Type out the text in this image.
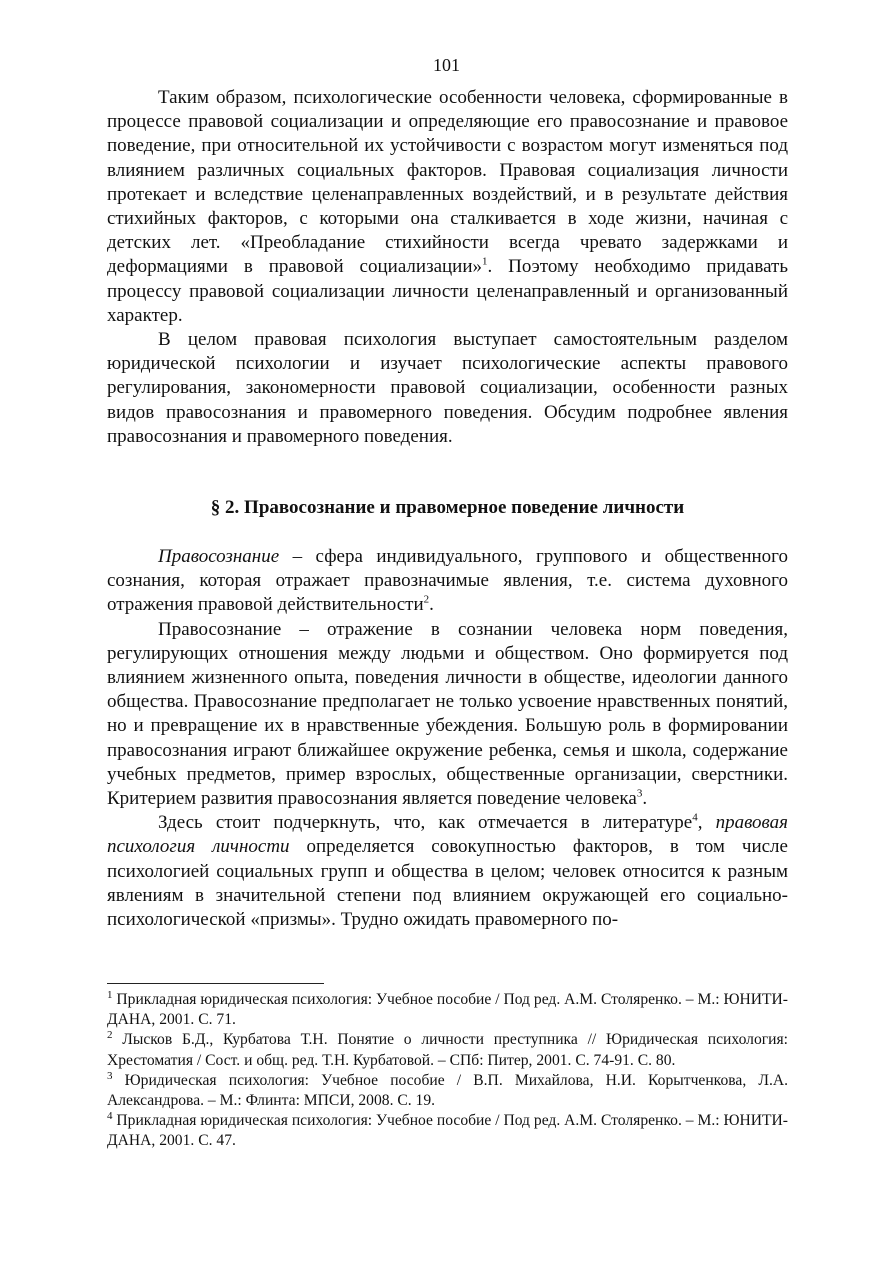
101

Таким образом, психологические особенности человека, сформированные в процессе правовой социализации и определяющие его правосознание и правовое поведение, при относительной их устойчивости с возрастом могут изменяться под влиянием различных социальных факторов. Правовая социализация личности протекает и вследствие целенаправленных воздействий, и в результате действия стихийных факторов, с которыми она сталкивается в ходе жизни, начиная с детских лет. «Преобладание стихийности всегда чревато задержками и деформациями в правовой социализации»$^1$. Поэтому необходимо придавать процессу правовой социализации личности целенаправленный и организованный характер.

В целом правовая психология выступает самостоятельным разделом юридической психологии и изучает психологические аспекты правового регулирования, закономерности правовой социализации, особенности разных видов правосознания и правомерного поведения. Обсудим подробнее явления правосознания и правомерного поведения.

§ 2. Правосознание и правомерное поведение личности

Правосознание – сфера индивидуального, группового и общественного сознания, которая отражает правозначимые явления, т.е. система духовного отражения правовой действительности$^2$.

Правосознание – отражение в сознании человека норм поведения, регулирующих отношения между людьми и обществом. Оно формируется под влиянием жизненного опыта, поведения личности в обществе, идеологии данного общества. Правосознание предполагает не только усвоение нравственных понятий, но и превращение их в нравственные убеждения. Большую роль в формировании правосознания играют ближайшее окружение ребенка, семья и школа, содержание учебных предметов, пример взрослых, общественные организации, сверстники. Критерием развития правосознания является поведение человека$^3$.

Здесь стоит подчеркнуть, что, как отмечается в литературе$^4$, правовая психология личности определяется совокупностью факторов, в том числе психологией социальных групп и общества в целом; человек относится к разным явлениям в значительной степени под влиянием окружающей его социально-психологической «призмы». Трудно ожидать правомерного по-

$^1$ Прикладная юридическая психология: Учебное пособие / Под ред. А.М. Столяренко. – М.: ЮНИТИ-ДАНА, 2001. С. 71.

$^2$ Лысков Б.Д., Курбатова Т.Н. Понятие о личности преступника // Юридическая психология: Хрестоматия / Сост. и общ. ред. Т.Н. Курбатовой. – СПб: Питер, 2001. С. 74-91. С. 80.

$^3$ Юридическая психология: Учебное пособие / В.П. Михайлова, Н.И. Корытченкова, Л.А. Александрова. – М.: Флинта: МПСИ, 2008. С. 19.

$^4$ Прикладная юридическая психология: Учебное пособие / Под ред. А.М. Столяренко. – М.: ЮНИТИ-ДАНА, 2001. С. 47.
